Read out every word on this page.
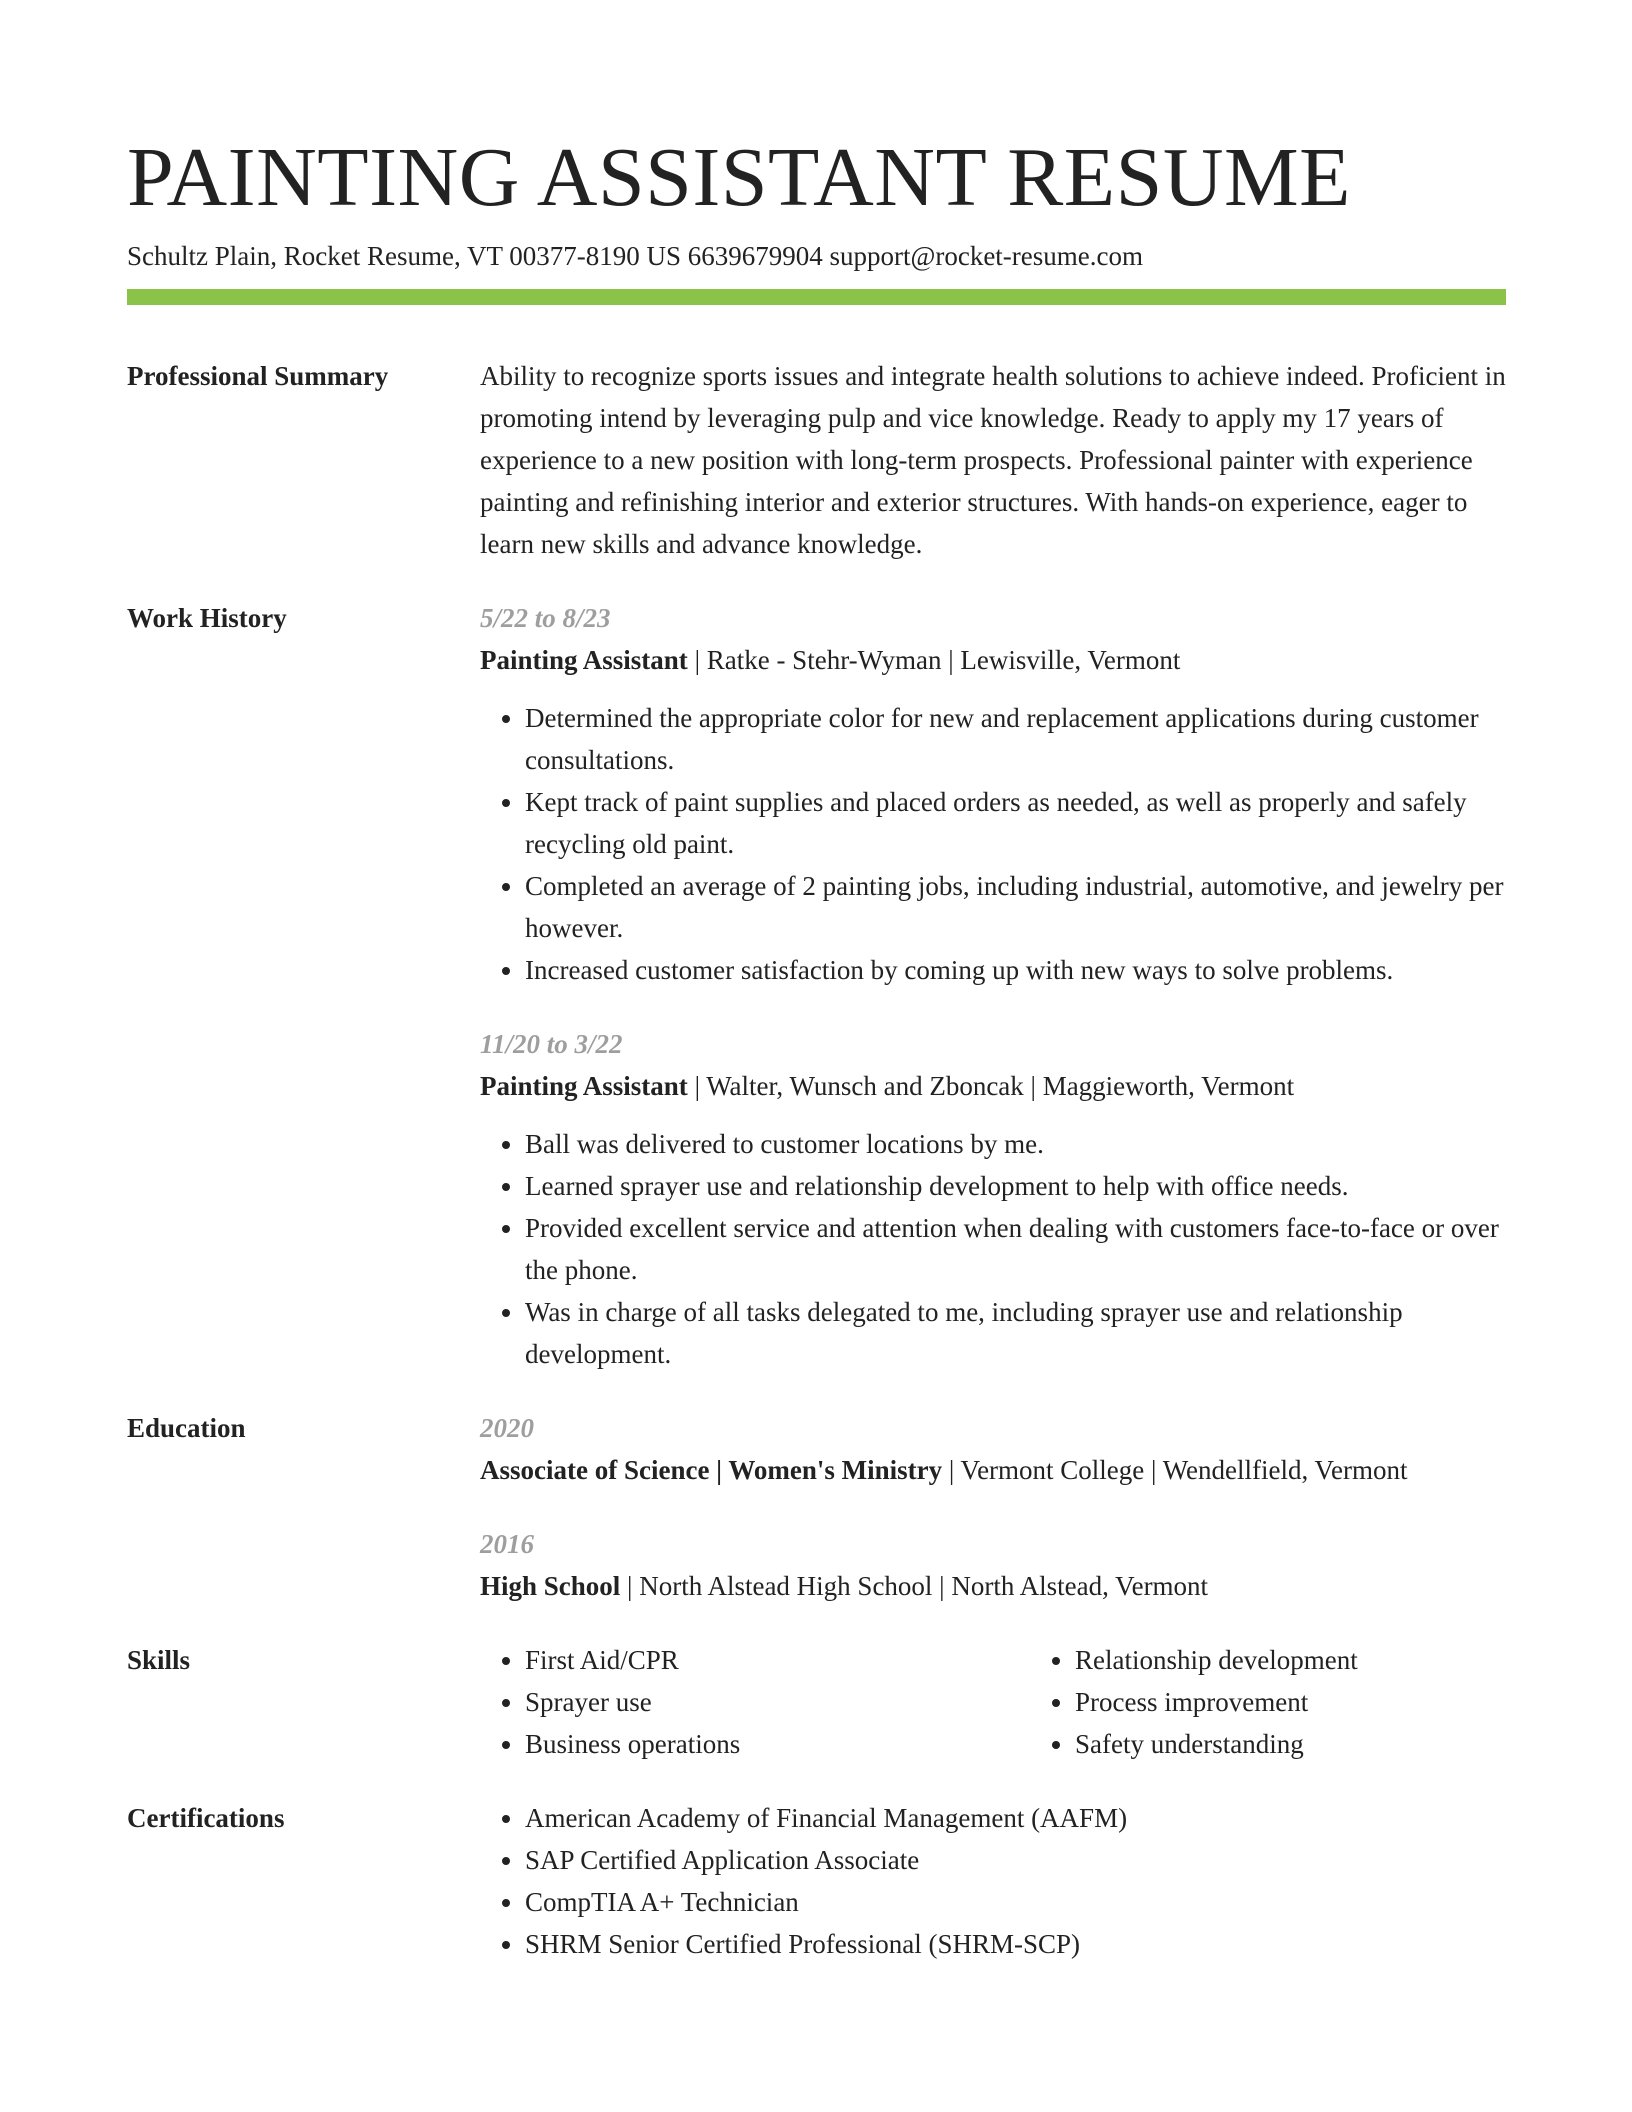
PAINTING ASSISTANT RESUME
Schultz Plain, Rocket Resume, VT 00377-8190 US 6639679904 support@rocket-resume.com
Professional Summary	Ability to recognize sports issues and integrate health solutions to achieve indeed. Proficient in promoting intend by leveraging pulp and vice knowledge. Ready to apply my 17 years of experience to a new position with long-term prospects. Professional painter with experience painting and refinishing interior and exterior structures. With hands-on experience, eager to learn new skills and advance knowledge.
Work History	5/22 to 8/23
Painting Assistant | Ratke - Stehr-Wyman | Lewisville, Vermont
• Determined the appropriate color for new and replacement applications during customer consultations.
• Kept track of paint supplies and placed orders as needed, as well as properly and safely recycling old paint.
• Completed an average of 2 painting jobs, including industrial, automotive, and jewelry per however.
• Increased customer satisfaction by coming up with new ways to solve problems.
11/20 to 3/22
Painting Assistant | Walter, Wunsch and Zboncak | Maggieworth, Vermont
• Ball was delivered to customer locations by me.
• Learned sprayer use and relationship development to help with office needs.
• Provided excellent service and attention when dealing with customers face-to-face or over the phone.
• Was in charge of all tasks delegated to me, including sprayer use and relationship development.
Education	2020
Associate of Science | Women's Ministry | Vermont College | Wendellfield, Vermont
2016
High School | North Alstead High School | North Alstead, Vermont
Skills	• First Aid/CPR
• Sprayer use
• Business operations
• Relationship development
• Process improvement
• Safety understanding
Certifications	• American Academy of Financial Management (AAFM)
• SAP Certified Application Associate
• CompTIA A+ Technician
• SHRM Senior Certified Professional (SHRM-SCP)
